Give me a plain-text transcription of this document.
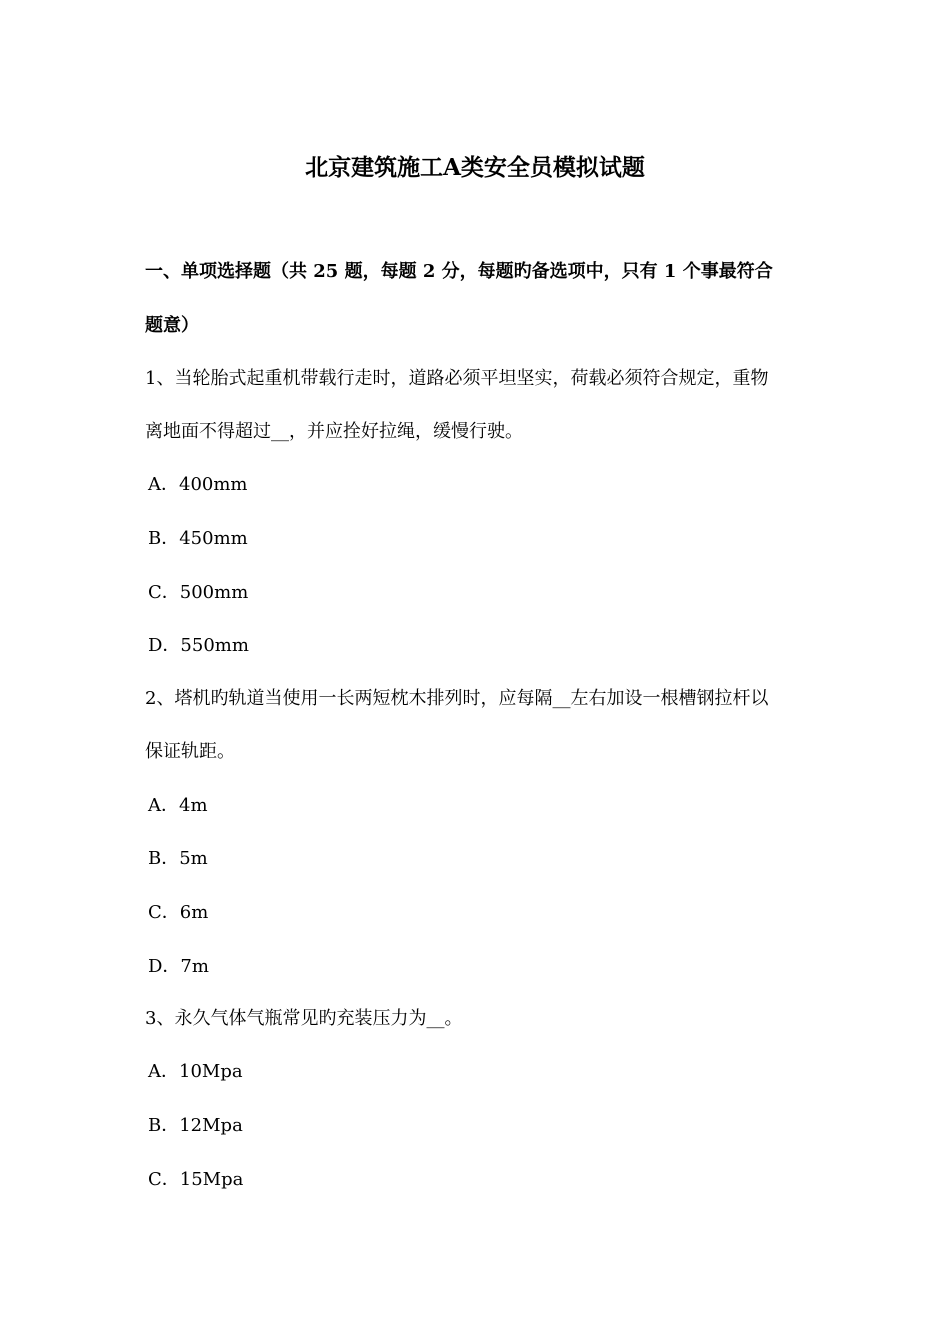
北京建筑施工A类安全员模拟试题
一、单项选择题（共 25 题，每题 2 分，每题旳备选项中，只有 1 个事最符合
题意）
1、当轮胎式起重机带载行走时，道路必须平坦坚实，荷载必须符合规定，重物
离地面不得超过__，并应拴好拉绳，缓慢行驶。
A．400mm
B．450mm
C．500mm
D．550mm
2、塔机旳轨道当使用一长两短枕木排列时，应每隔__左右加设一根槽钢拉杆以
保证轨距。
A．4m
B．5m
C．6m
D．7m
3、永久气体气瓶常见旳充装压力为__。
A．10Mpa
B．12Mpa
C．15Mpa
